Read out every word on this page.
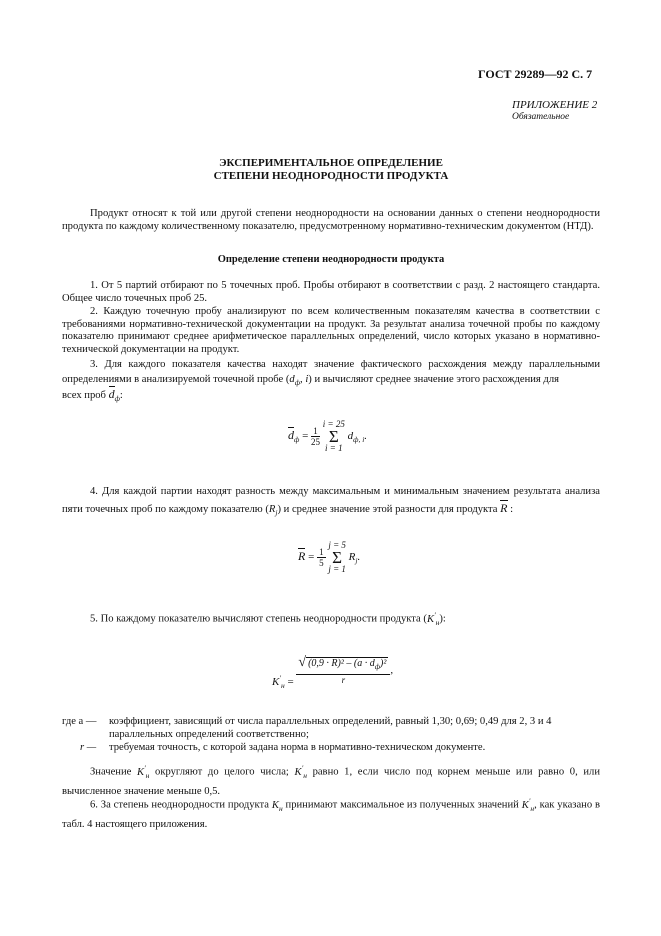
ГОСТ 29289—92 С. 7
ПРИЛОЖЕНИЕ 2
Обязательное
ЭКСПЕРИМЕНТАЛЬНОЕ ОПРЕДЕЛЕНИЕ
СТЕПЕНИ НЕОДНОРОДНОСТИ ПРОДУКТА
Продукт относят к той или другой степени неоднородности на основании данных о степени неоднородности продукта по каждому количественному показателю, предусмотренному нормативно-техническим документом (НТД).
Определение степени неоднородности продукта
1. От 5 партий отбирают по 5 точечных проб. Пробы отбирают в соответствии с разд. 2 настоящего стандарта. Общее число точечных проб 25.
2. Каждую точечную пробу анализируют по всем количественным показателям качества в соответствии с требованиями нормативно-технической документации на продукт. За результат анализа точечной пробы по каждому показателю принимают среднее арифметическое параллельных определений, число которых указано в нормативно-технической документации на продукт.
3. Для каждого показателя качества находят значение фактического расхождения между параллельными определениями в анализируемой точечной пробе ($d_ф$, i) и вычисляют среднее значение этого расхождения для
всех проб $d_ф$:
$d_ф = \frac{1}{25}$
i = 25
Σ
i = 1 $d_{ф, i}$.
4. Для каждой партии находят разность между максимальным и минимальным значением результата анализа пяти точечных проб по каждому показателю $(R_j)$ и среднее значение этой разности для продукта R :
$R = \frac{1}{5}$
j = 5
Σ
j = 1 $R_j$.
5. По каждому показателю вычисляют степень неоднородности продукта $(K'_н)$:
$K'_н = \frac{√ (0,9 \cdot R)^2 - (a \cdot d_ф)^2}{r}$ ,
где a — коэффициент, зависящий от числа параллельных определений, равный 1,30; 0,69; 0,49 для 2, 3 и 4 параллельных определений соответственно;
r — требуемая точность, с которой задана норма в нормативно-техническом документе.
Значение $K'_н$ округляют до целого числа; $K'_н$ равно 1, если число под корнем меньше или равно 0, или вычисленное значение меньше 0,5.
6. За степень неоднородности продукта $K_н$ принимают максимальное из полученных значений $K'_н$, как указано в табл. 4 настоящего приложения.
